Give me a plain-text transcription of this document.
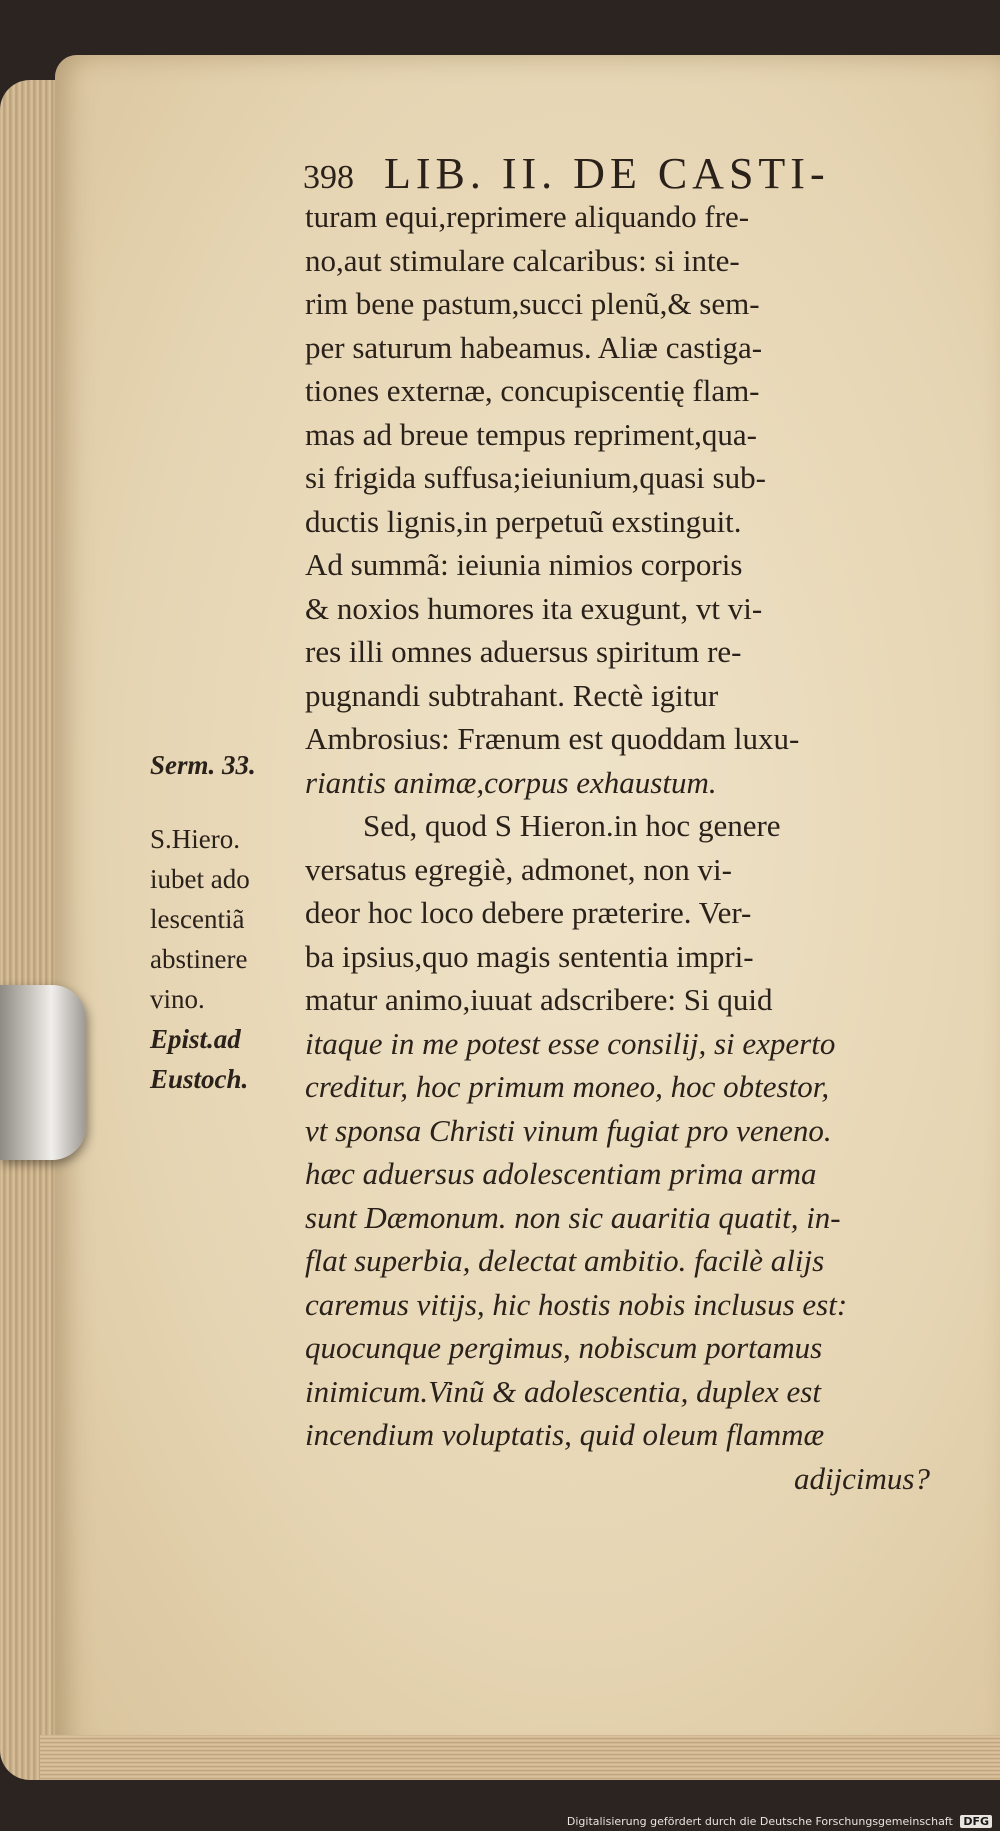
398 LIB. II. DE CASTI-
turam equi,reprimere aliquando fre-
no,aut stimulare calcaribus: si inte-
rim bene pastum,succi plenũ,& sem-
per saturum habeamus. Aliæ castiga-
tiones externæ, concupiscentię flam-
mas ad breue tempus repriment,qua-
si frigida suffusa;ieiunium,quasi sub-
ductis lignis,in perpetuũ exstinguit.
Ad summã: ieiunia nimios corporis
& noxios humores ita exugunt, vt vi-
res illi omnes aduersus spiritum re-
pugnandi subtrahant. Rectè igitur
Ambrosius: Frænum est quoddam luxu-
riantis animæ,corpus exhaustum.
Sed, quod S Hieron.in hoc genere
versatus egregiè, admonet, non vi-
deor hoc loco debere præterire. Ver-
ba ipsius,quo magis sententia impri-
matur animo,iuuat adscribere: Si quid
itaque in me potest esse consilij, si experto
creditur, hoc primum moneo, hoc obtestor,
vt sponsa Christi vinum fugiat pro veneno.
hæc aduersus adolescentiam prima arma
sunt Dæmonum. non sic auaritia quatit, in-
flat superbia, delectat ambitio. facilè alijs
caremus vitijs, hic hostis nobis inclusus est:
quocunque pergimus, nobiscum portamus
inimicum.Vinũ & adolescentia, duplex est
incendium voluptatis, quid oleum flammæ
adijcimus?
Serm. 33.
S.Hiero.
iubet ado
lescentiã
abstinere
vino.
Epist.ad
Eustoch.
Digitalisierung gefördert durch die Deutsche Forschungsgemeinschaft DFG
